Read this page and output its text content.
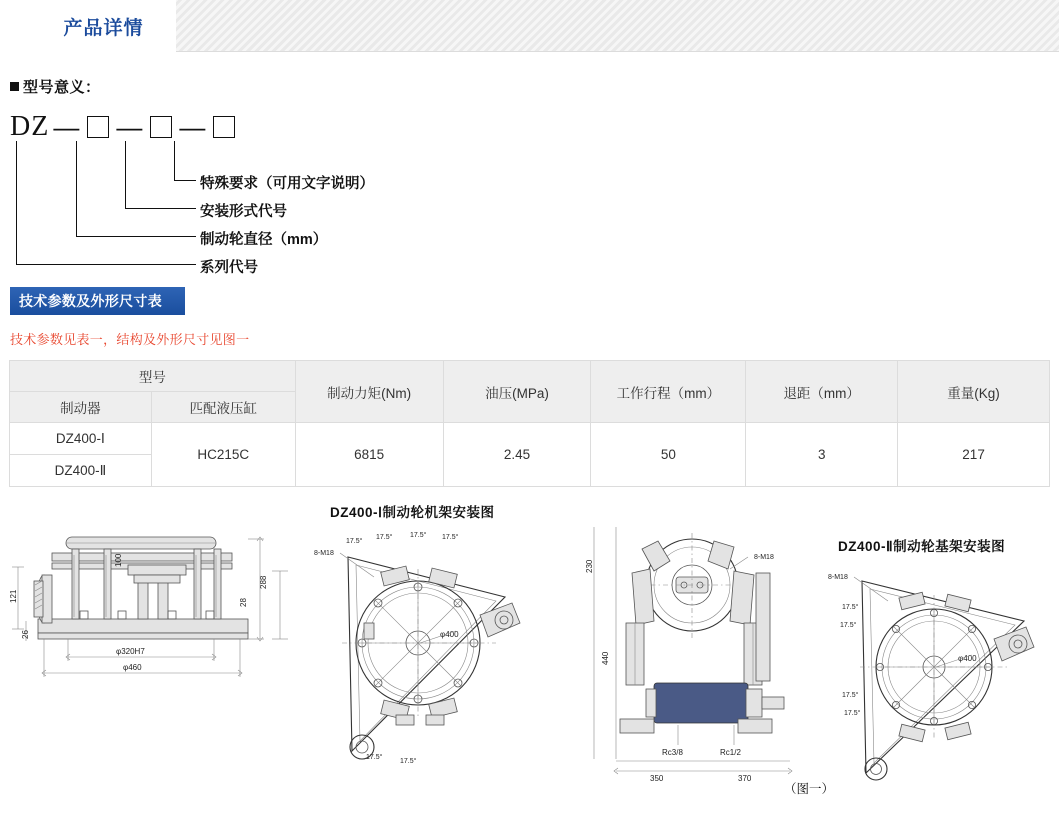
产品详情
型号意义：
DZ — — —
特殊要求（可用文字说明）
安装形式代号
制动轮直径（mm）
系列代号
技术参数及外形尺寸表
技术参数见表一，结构及外形尺寸见图一
型号		制动力矩(Nm)	油压(MPa)	工作行程（mm）	退距（mm）	重量(Kg)
制动器	匹配液压缸					
DZ400-Ⅰ	HC215C	6815	2.45	50	3	217
DZ400-Ⅱ						
DZ400-Ⅰ制动轮机架安装图
DZ400-Ⅱ制动轮基架安装图
（图一）
288
28
100
121
26
φ320H7
φ460
8-M18
17.5°
17.5°	17.5° 17.5°
17.5°
17.5°
φ400
230
440
Rc3/8	Rc1/2
350	370
8-M18
8-M18
17.5°
17.5°
17.5°
17.5°
φ400
